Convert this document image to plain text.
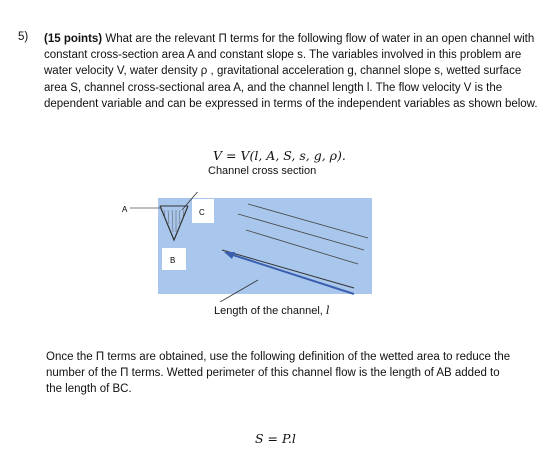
5) (15 points) What are the relevant Π terms for the following flow of water in an open channel with constant cross-section area A and constant slope s. The variables involved in this problem are water velocity V, water density ρ , gravitational acceleration g, channel slope s, wetted surface area S, channel cross-sectional area A, and the channel length l. The flow velocity V is the dependent variable and can be expressed in terms of the independent variables as shown below.
V = V(l, A, S, s, g, ρ).
Channel cross section
A	C
B
Length of the channel, l
Once the Π terms are obtained, use the following definition of the wetted area to reduce the number of the Π terms. Wetted perimeter of this channel flow is the length of AB added to the length of BC.
S = P.l
